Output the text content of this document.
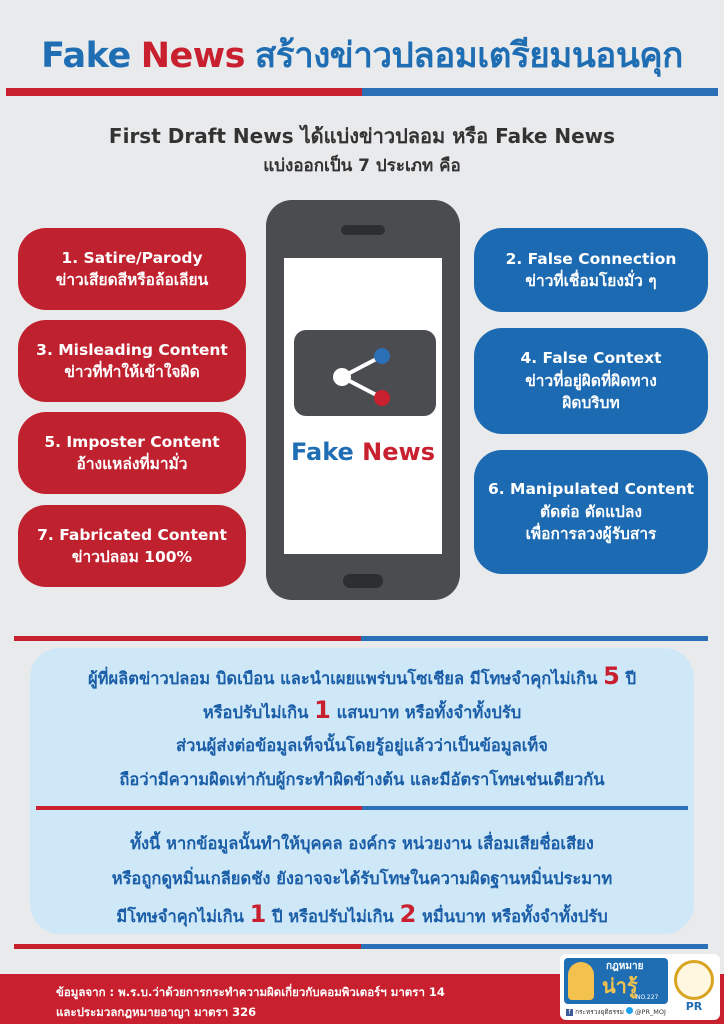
Fake News สร้างข่าวปลอมเตรียมนอนคุก
First Draft News ได้แบ่งข่าวปลอม หรือ Fake News
แบ่งออกเป็น 7 ประเภท คือ
1. Satire/Parody
ข่าวเสียดสีหรือล้อเลียน
3. Misleading Content
ข่าวที่ทำให้เข้าใจผิด
5. Imposter Content
อ้างแหล่งที่มามั่ว
7. Fabricated Content
ข่าวปลอม 100%
2. False Connection
ข่าวที่เชื่อมโยงมั่ว ๆ
4. False Context
ข่าวที่อยู่ผิดที่ผิดทาง
ผิดบริบท
6. Manipulated Content
ตัดต่อ ดัดแปลง
เพื่อการลวงผู้รับสาร
Fake News
ผู้ที่ผลิตข่าวปลอม บิดเบือน และนำเผยแพร่บนโซเชียล มีโทษจำคุกไม่เกิน 5 ปี
หรือปรับไม่เกิน 1 แสนบาท หรือทั้งจำทั้งปรับ
ส่วนผู้ส่งต่อข้อมูลเท็จนั้นโดยรู้อยู่แล้วว่าเป็นข้อมูลเท็จ
ถือว่ามีความผิดเท่ากับผู้กระทำผิดข้างต้น และมีอัตราโทษเช่นเดียวกัน
ทั้งนี้ หากข้อมูลนั้นทำให้บุคคล องค์กร หน่วยงาน เสื่อมเสียชื่อเสียง
หรือถูกดูหมิ่นเกลียดชัง ยังอาจจะได้รับโทษในความผิดฐานหมิ่นประมาท
มีโทษจำคุกไม่เกิน 1 ปี หรือปรับไม่เกิน 2 หมื่นบาท หรือทั้งจำทั้งปรับ
ข้อมูลจาก : พ.ร.บ.ว่าด้วยการกระทำความผิดเกี่ยวกับคอมพิวเตอร์ฯ มาตรา 14
และประมวลกฎหมายอาญา มาตรา 326
กฎหมาย
น่ารู้
NO.227
f กระทรวงยุติธรรม @PR_MOJ	PR
